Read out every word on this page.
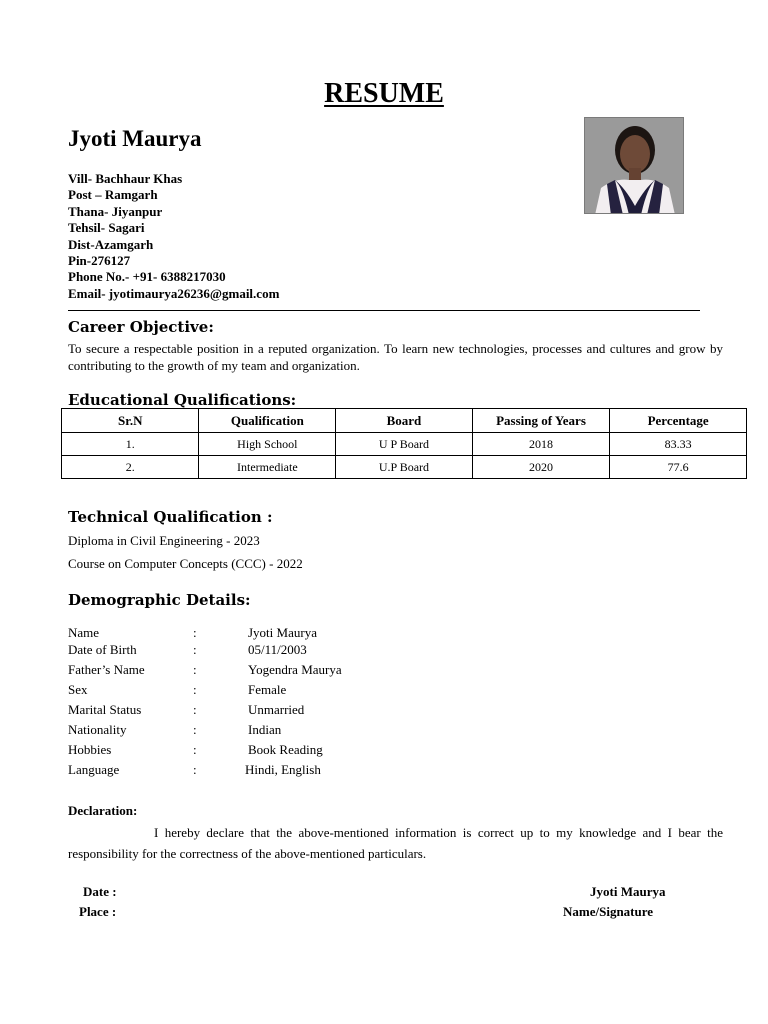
RESUME
Jyoti Maurya
Vill- Bachhaur Khas
Post – Ramgarh
Thana- Jiyanpur
Tehsil- Sagari
Dist-Azamgarh
Pin-276127
Phone No.- +91- 6388217030
Email- jyotimaurya26236@gmail.com
Career Objective:
To secure a respectable position in a reputed organization. To learn new technologies, processes and cultures and grow by contributing to the growth of my team and organization.
Educational Qualifications:
Sr.N	Qualification	Board	Passing of Years	Percentage
1.	High School	U P Board	2018	83.33
2.	Intermediate	U.P Board	2020	77.6
Technical Qualification :
Diploma in Civil Engineering - 2023
Course on Computer Concepts (CCC) - 2022
Demographic Details:
Name	:	Jyoti Maurya
Date of Birth	:	05/11/2003
Father’s Name	:	Yogendra Maurya
Sex	:	Female
Marital Status	:	Unmarried
Nationality	:	Indian
Hobbies	:	Book Reading
Language	:	Hindi, English
Declaration:
I hereby declare that the above-mentioned information is correct up to my knowledge and I bear the responsibility for the correctness of the above-mentioned particulars.
Date :
Place :
Jyoti Maurya
Name/Signature
